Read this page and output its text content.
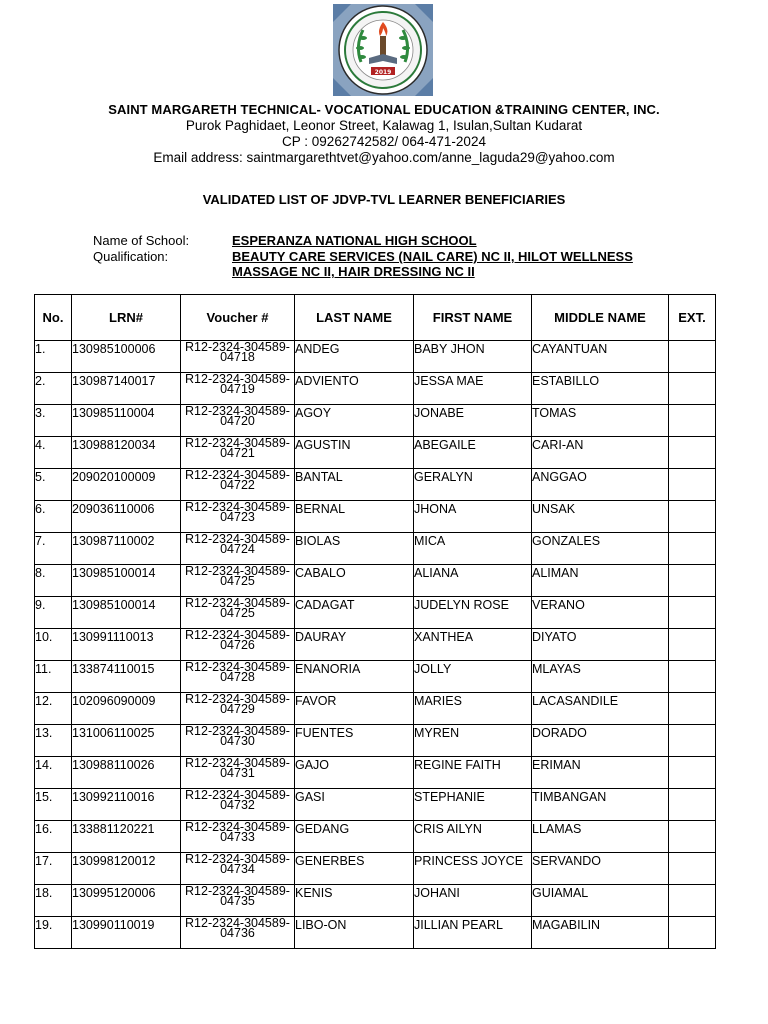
2019
SAINT MARGARETH TECHNICAL- VOCATIONAL EDUCATION &TRAINING CENTER, INC.
Purok Paghidaet, Leonor Street, Kalawag 1, Isulan,Sultan Kudarat
CP : 09262742582/ 064-471-2024
Email address: saintmargarethtvet@yahoo.com/anne_laguda29@yahoo.com
VALIDATED LIST OF JDVP-TVL LEARNER BENEFICIARIES
Name of School:	ESPERANZA NATIONAL HIGH SCHOOL
Qualification:	BEAUTY CARE SERVICES (NAIL CARE) NC II, HILOT WELLNESS
MASSAGE NC II, HAIR DRESSING NC II
No.	LRN#	Voucher #	LAST NAME	FIRST NAME	MIDDLE NAME	EXT.
1.	130985100006	R12-2324-304589-
04718	ANDEG	BABY JHON	CAYANTUAN	
2.	130987140017	R12-2324-304589-
04719	ADVIENTO	JESSA MAE	ESTABILLO	
3.	130985110004	R12-2324-304589-
04720	AGOY	JONABE	TOMAS	
4.	130988120034	R12-2324-304589-
04721	AGUSTIN	ABEGAILE	CARI-AN	
5.	209020100009	R12-2324-304589-
04722	BANTAL	GERALYN	ANGGAO	
6.	209036110006	R12-2324-304589-
04723	BERNAL	JHONA	UNSAK	
7.	130987110002	R12-2324-304589-
04724	BIOLAS	MICA	GONZALES	
8.	130985100014	R12-2324-304589-
04725	CABALO	ALIANA	ALIMAN	
9.	130985100014	R12-2324-304589-
04725	CADAGAT	JUDELYN ROSE	VERANO	
10.	130991110013	R12-2324-304589-
04726	DAURAY	XANTHEA	DIYATO	
11.	133874110015	R12-2324-304589-
04728	ENANORIA	JOLLY	MLAYAS	
12.	102096090009	R12-2324-304589-
04729	FAVOR	MARIES	LACASANDILE	
13.	131006110025	R12-2324-304589-
04730	FUENTES	MYREN	DORADO	
14.	130988110026	R12-2324-304589-
04731	GAJO	REGINE FAITH	ERIMAN	
15.	130992110016	R12-2324-304589-
04732	GASI	STEPHANIE	TIMBANGAN	
16.	133881120221	R12-2324-304589-
04733	GEDANG	CRIS AILYN	LLAMAS	
17.	130998120012	R12-2324-304589-
04734	GENERBES	PRINCESS JOYCE	SERVANDO	
18.	130995120006	R12-2324-304589-
04735	KENIS	JOHANI	GUIAMAL	
19.	130990110019	R12-2324-304589-
04736	LIBO-ON	JILLIAN PEARL	MAGABILIN	
